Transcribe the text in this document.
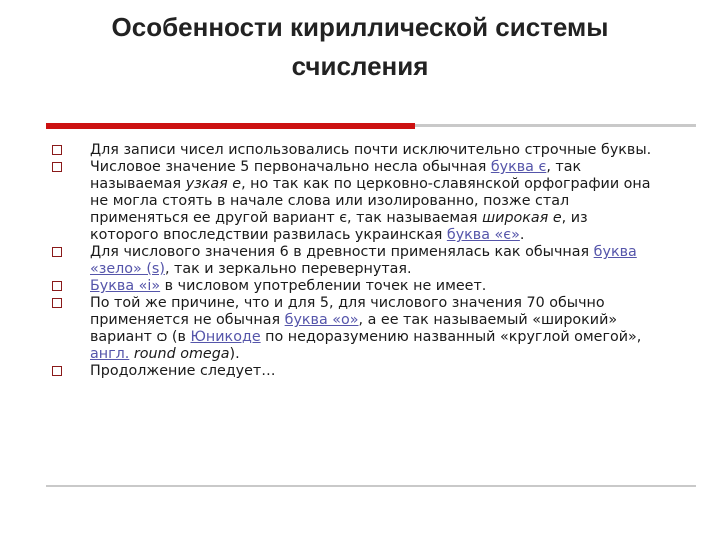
Особенности кириллической системы
счисления
Для записи чисел использовались почти исключительно строчные буквы.
Числовое значение 5 первоначально несла обычная буква є, так называемая узкая е, но так как по церковно-славянской орфографии она не могла стоять в начале слова или изолированно, позже стал применяться ее другой вариант є, так называемая широкая е, из которого впоследствии развилась украинская буква «є».
Для числового значения 6 в древности применялась как обычная буква «зело» (ѕ), так и зеркально перевернутая.
Буква «і» в числовом употреблении точек не имеет.
По той же причине, что и для 5, для числового значения 70 обычно применяется не обычная буква «о», а ее так называемый «широкий» вариант ѻ (в Юникоде по недоразумению названный «круглой омегой», англ. round omega).
Продолжение следует…
